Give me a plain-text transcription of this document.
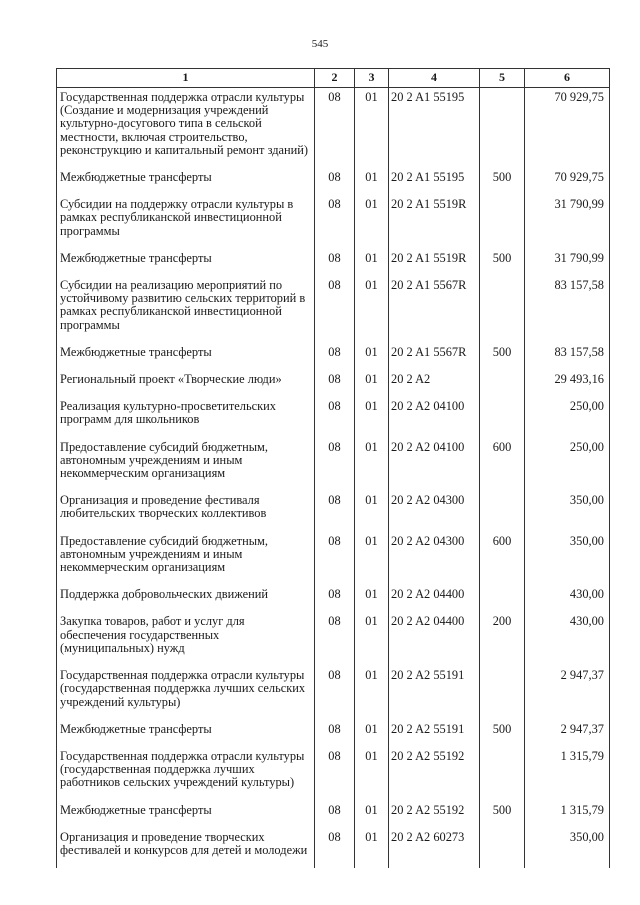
545
1	2	3	4	5	6
Государственная поддержка отрасли культуры (Создание и модернизация учреждений культурно-досугового типа в сельской местности, включая строительство, реконструкцию и капитальный ремонт зданий)	08	01	20 2 A1 55195		70 929,75
Межбюджетные трансферты	08	01	20 2 A1 55195	500	70 929,75
Субсидии на поддержку отрасли культуры в рамках республиканской инвестиционной программы	08	01	20 2 A1 5519R		31 790,99
Межбюджетные трансферты	08	01	20 2 A1 5519R	500	31 790,99
Субсидии на реализацию мероприятий по устойчивому развитию сельских территорий в рамках республиканской инвестиционной программы	08	01	20 2 A1 5567R		83 157,58
Межбюджетные трансферты	08	01	20 2 A1 5567R	500	83 157,58
Региональный проект «Творческие люди»	08	01	20 2 A2		29 493,16
Реализация культурно-просветительских программ для школьников	08	01	20 2 A2 04100		250,00
Предоставление субсидий бюджетным, автономным учреждениям и иным некоммерческим организациям	08	01	20 2 A2 04100	600	250,00
Организация и проведение фестиваля любительских творческих коллективов	08	01	20 2 A2 04300		350,00
Предоставление субсидий бюджетным, автономным учреждениям и иным некоммерческим организациям	08	01	20 2 A2 04300	600	350,00
Поддержка добровольческих движений	08	01	20 2 A2 04400		430,00
Закупка товаров, работ и услуг для обеспечения государственных (муниципальных) нужд	08	01	20 2 A2 04400	200	430,00
Государственная поддержка отрасли культуры (государственная поддержка лучших сельских учреждений культуры)	08	01	20 2 A2 55191		2 947,37
Межбюджетные трансферты	08	01	20 2 A2 55191	500	2 947,37
Государственная поддержка отрасли культуры (государственная поддержка лучших работников сельских учреждений культуры)	08	01	20 2 A2 55192		1 315,79
Межбюджетные трансферты	08	01	20 2 A2 55192	500	1 315,79
Организация и проведение творческих фестивалей и конкурсов для детей и молодежи	08	01	20 2 A2 60273		350,00
